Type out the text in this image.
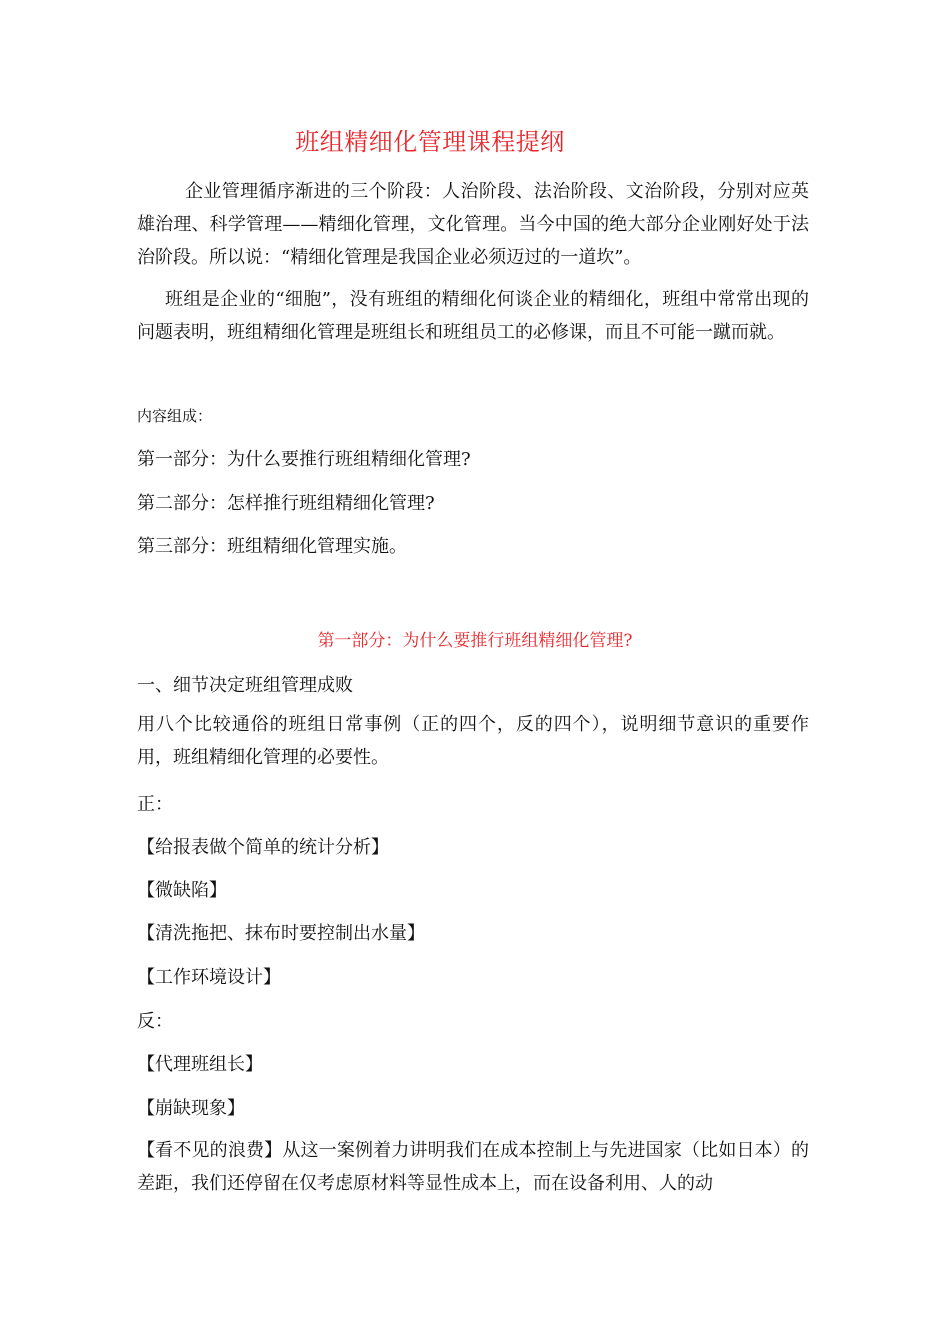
班组精细化管理课程提纲
企业管理循序渐进的三个阶段：人治阶段、法治阶段、文治阶段，分别对应英雄治理、科学管理——精细化管理，文化管理。当今中国的绝大部分企业刚好处于法治阶段。所以说：“精细化管理是我国企业必须迈过的一道坎”。
班组是企业的“细胞”，没有班组的精细化何谈企业的精细化，班组中常常出现的问题表明，班组精细化管理是班组长和班组员工的必修课，而且不可能一蹴而就。
内容组成：
第一部分：为什么要推行班组精细化管理?
第二部分：怎样推行班组精细化管理?
第三部分：班组精细化管理实施。
第一部分：为什么要推行班组精细化管理?
一、细节决定班组管理成败
用八个比较通俗的班组日常事例（正的四个，反的四个），说明细节意识的重要作用，班组精细化管理的必要性。
正：
【给报表做个简单的统计分析】
【微缺陷】
【清洗拖把、抹布时要控制出水量】
【工作环境设计】
反：
【代理班组长】
【崩缺现象】
【看不见的浪费】从这一案例着力讲明我们在成本控制上与先进国家（比如日本）的差距，我们还停留在仅考虑原材料等显性成本上，而在设备利用、人的动
